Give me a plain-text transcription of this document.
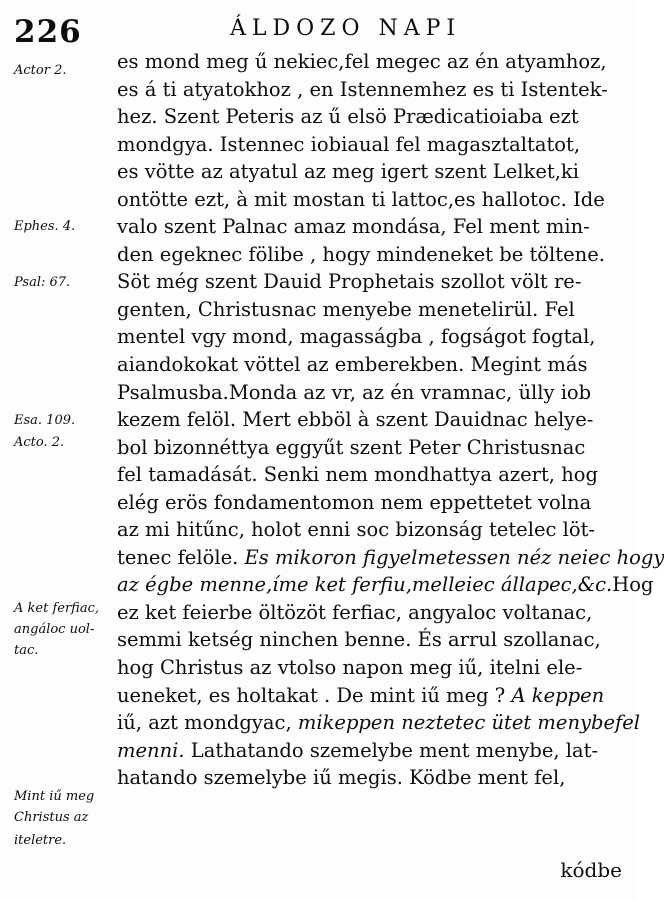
226	ÁLDOZO NAPI
Actor 2.
Ephes. 4.
Psal: 67.
Esa. 109.
Acto. 2.
A ket ferfiac,
angáloc uol-
tac.
Mint iű meg
Christus az
iteletre.
es mond meg ű nekiec,fel megec az én atyamhoz,
es á ti atyatokhoz , en Istennemhez es ti Istentek-
hez. Szent Peteris az ű elsö Prædicatioiaba ezt
mondgya. Istennec iobiaual fel magasztaltatot,
es vötte az atyatul az meg igert szent Lelket,ki
ontötte ezt, à mit mostan ti lattoc,es hallotoc. Ide
valo szent Palnac amaz mondása, Fel ment min-
den egeknec fölibe , hogy mindeneket be töltene.
Söt még szent Dauid Prophetais szollot völt re-
genten, Christusnac menyebe menetelirül. Fel
mentel vgy mond, magasságba , fogságot fogtal,
aiandokokat vöttel az emberekben. Megint más
Psalmusba.Monda az vr, az én vramnac, ülly iob
kezem felöl. Mert ebböl à szent Dauidnac helye-
bol bizonnéttya eggyűt szent Peter Christusnac
fel tamadását. Senki nem mondhattya azert, hog
elég erös fondamentomon nem eppettetet volna
az mi hitűnc, holot enni soc bizonság tetelec löt-
tenec felöle. Es mikoron figyelmetessen néz neiec hogy
az égbe menne,íme ket ferfiu,melleiec állapec,&c.Hog
ez ket feierbe öltözöt ferfiac, angyaloc voltanac,
semmi ketség ninchen benne. És arrul szollanac,
hog Christus az vtolso napon meg iű, itelni ele-
ueneket, es holtakat . De mint iű meg ? A keppen
iű, azt mondgyac, mikeppen neztetec ütet menybefel
menni. Lathatando szemelybe ment menybe, lat-
hatando szemelybe iű megis. Ködbe ment fel,
kódbe
